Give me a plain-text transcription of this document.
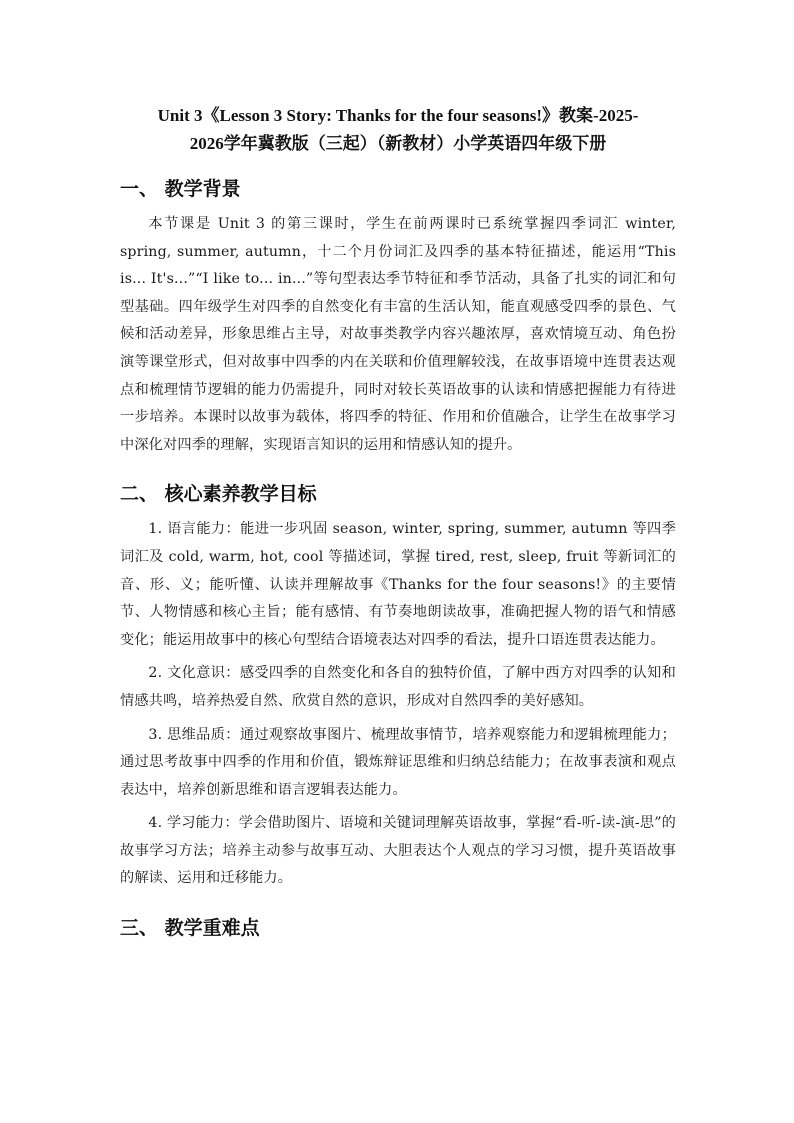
Unit 3《Lesson 3 Story: Thanks for the four seasons!》教案-2025-
2026学年冀教版（三起）（新教材）小学英语四年级下册
一、 教学背景

本节课是 Unit 3 的第三课时，学生在前两课时已系统掌握四季词汇 winter, spring, summer, autumn，十二个月份词汇及四季的基本特征描述，能运用“This is... It's...”“I like to... in...”等句型表达季节特征和季节活动，具备了扎实的词汇和句型基础。四年级学生对四季的自然变化有丰富的生活认知，能直观感受四季的景色、气候和活动差异，形象思维占主导，对故事类教学内容兴趣浓厚，喜欢情境互动、角色扮演等课堂形式，但对故事中四季的内在关联和价值理解较浅，在故事语境中连贯表达观点和梳理情节逻辑的能力仍需提升，同时对较长英语故事的认读和情感把握能力有待进一步培养。本课时以故事为载体，将四季的特征、作用和价值融合，让学生在故事学习中深化对四季的理解，实现语言知识的运用和情感认知的提升。

二、 核心素养教学目标

1. 语言能力：能进一步巩固 season, winter, spring, summer, autumn 等四季词汇及 cold, warm, hot, cool 等描述词，掌握 tired, rest, sleep, fruit 等新词汇的音、形、义；能听懂、认读并理解故事《Thanks for the four seasons!》的主要情节、人物情感和核心主旨；能有感情、有节奏地朗读故事，准确把握人物的语气和情感变化；能运用故事中的核心句型结合语境表达对四季的看法，提升口语连贯表达能力。

2. 文化意识：感受四季的自然变化和各自的独特价值，了解中西方对四季的认知和情感共鸣，培养热爱自然、欣赏自然的意识，形成对自然四季的美好感知。

3. 思维品质：通过观察故事图片、梳理故事情节，培养观察能力和逻辑梳理能力；通过思考故事中四季的作用和价值，锻炼辩证思维和归纳总结能力；在故事表演和观点表达中，培养创新思维和语言逻辑表达能力。

4. 学习能力：学会借助图片、语境和关键词理解英语故事，掌握“看-听-读-演-思”的故事学习方法；培养主动参与故事互动、大胆表达个人观点的学习习惯，提升英语故事的解读、运用和迁移能力。

三、 教学重难点
